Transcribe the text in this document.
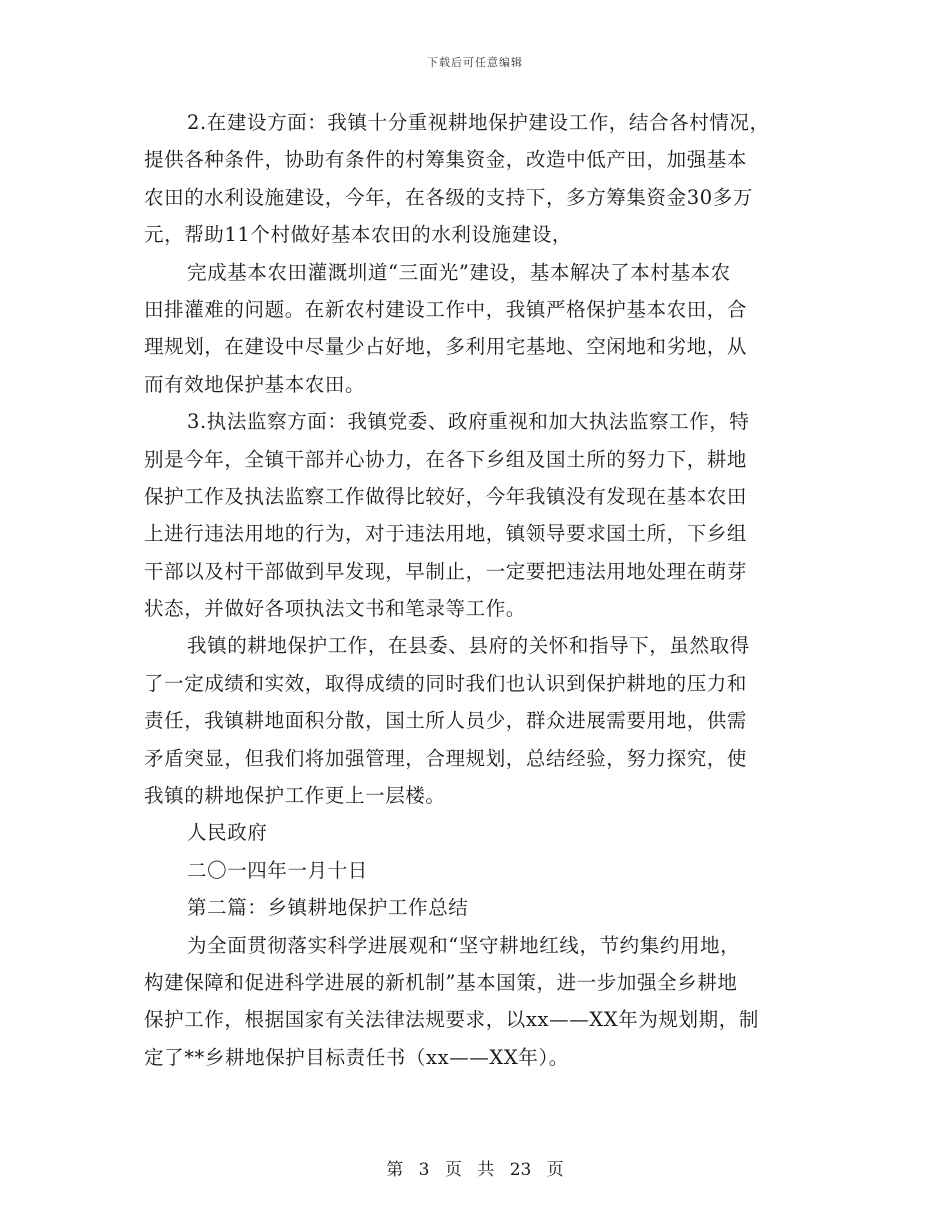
下载后可任意编辑
2.在建设方面：我镇十分重视耕地保护建设工作，结合各村情况，
提供各种条件，协助有条件的村筹集资金，改造中低产田，加强基本
农田的水利设施建设，今年，在各级的支持下，多方筹集资金30多万
元，帮助11个村做好基本农田的水利设施建设，
完成基本农田灌溉圳道“三面光”建设，基本解决了本村基本农
田排灌难的问题。在新农村建设工作中，我镇严格保护基本农田，合
理规划，在建设中尽量少占好地，多利用宅基地、空闲地和劣地，从
而有效地保护基本农田。
3.执法监察方面：我镇党委、政府重视和加大执法监察工作，特
别是今年，全镇干部并心协力，在各下乡组及国土所的努力下，耕地
保护工作及执法监察工作做得比较好，今年我镇没有发现在基本农田
上进行违法用地的行为，对于违法用地，镇领导要求国土所，下乡组
干部以及村干部做到早发现，早制止，一定要把违法用地处理在萌芽
状态，并做好各项执法文书和笔录等工作。
我镇的耕地保护工作，在县委、县府的关怀和指导下，虽然取得
了一定成绩和实效，取得成绩的同时我们也认识到保护耕地的压力和
责任，我镇耕地面积分散，国土所人员少，群众进展需要用地，供需
矛盾突显，但我们将加强管理，合理规划，总结经验，努力探究，使
我镇的耕地保护工作更上一层楼。
人民政府
二〇一四年一月十日
第二篇：乡镇耕地保护工作总结
为全面贯彻落实科学进展观和“坚守耕地红线，节约集约用地，
构建保障和促进科学进展的新机制”基本国策，进一步加强全乡耕地
保护工作，根据国家有关法律法规要求，以xx——XX年为规划期，制
定了**乡耕地保护目标责任书（xx——XX年）。
第 3 页 共 23 页
